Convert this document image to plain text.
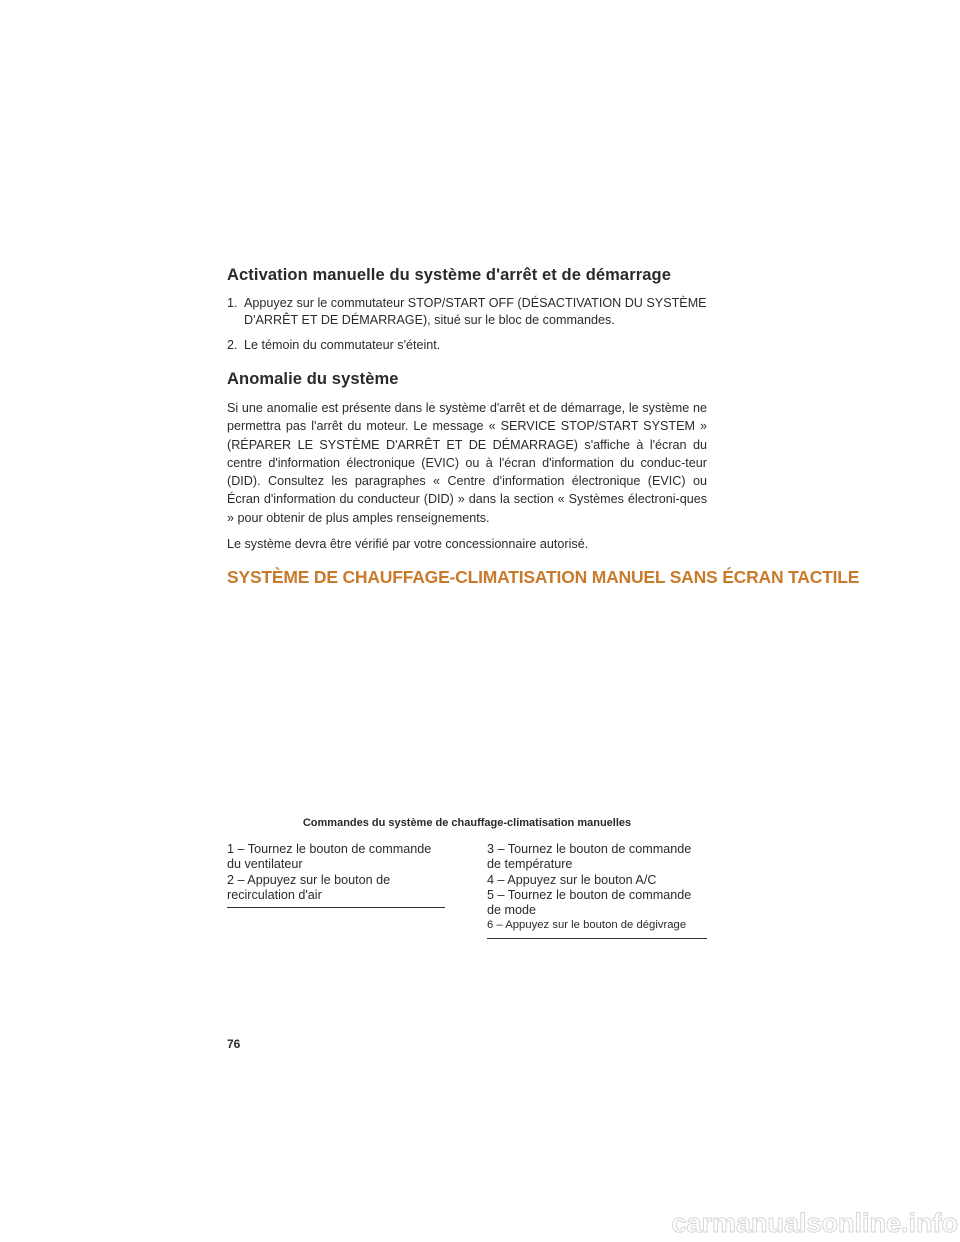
Activation manuelle du système d'arrêt et de démarrage
1. Appuyez sur le commutateur STOP/START OFF (DÉSACTIVATION DU SYSTÈME D'ARRÊT ET DE DÉMARRAGE), situé sur le bloc de commandes.
2. Le témoin du commutateur s'éteint.
Anomalie du système

Si une anomalie est présente dans le système d'arrêt et de démarrage, le système ne permettra pas l'arrêt du moteur. Le message « SERVICE STOP/START SYSTEM » (RÉPARER LE SYSTÈME D'ARRÊT ET DE DÉMARRAGE) s'affiche à l'écran du centre d'information électronique (EVIC) ou à l'écran d'information du conduc-teur (DID). Consultez les paragraphes « Centre d'information électronique (EVIC) ou Écran d'information du conducteur (DID) » dans la section « Systèmes électroni-ques » pour obtenir de plus amples renseignements.

Le système devra être vérifié par votre concessionnaire autorisé.

SYSTÈME DE CHAUFFAGE-CLIMATISATION MANUEL SANS ÉCRAN TACTILE
Commandes du système de chauffage-climatisation manuelles

1 – Tournez le bouton de commande du ventilateur

2 – Appuyez sur le bouton de recirculation d'air

3 – Tournez le bouton de commande de température

4 – Appuyez sur le bouton A/C

5 – Tournez le bouton de commande de mode

6 – Appuyez sur le bouton de dégivrage

76
carmanualsonline.info
